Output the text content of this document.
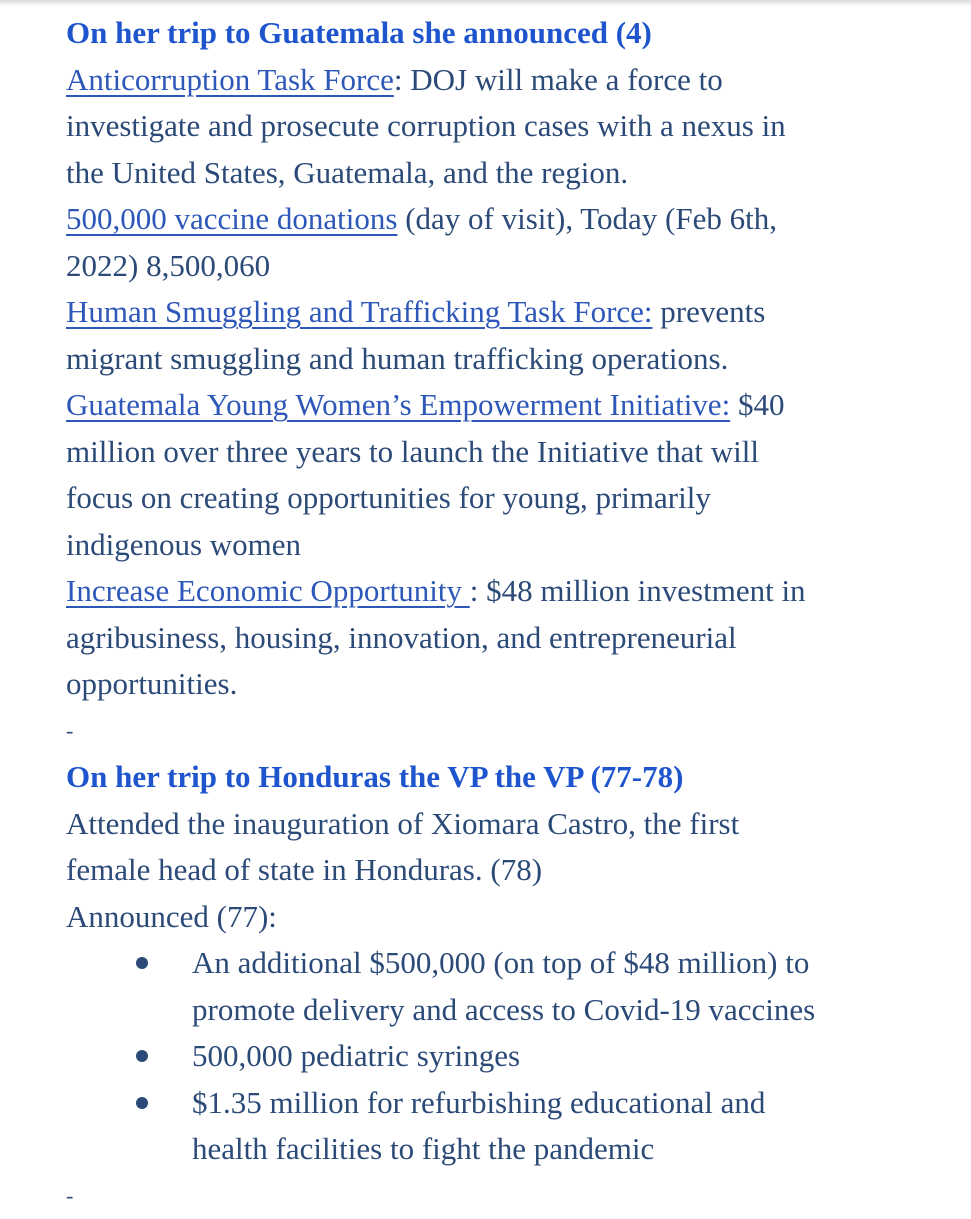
On her trip to Guatemala she announced (4)
Anticorruption Task Force: DOJ will make a force to
investigate and prosecute corruption cases with a nexus in
the United States, Guatemala, and the region.
500,000 vaccine donations (day of visit), Today (Feb 6th,
2022) 8,500,060
Human Smuggling and Trafficking Task Force: prevents
migrant smuggling and human trafficking operations.
Guatemala Young Women’s Empowerment Initiative: $40
million over three years to launch the Initiative that will
focus on creating opportunities for young, primarily
indigenous women
Increase Economic Opportunity : $48 million investment in
agribusiness, housing, innovation, and entrepreneurial
opportunities.
-
On her trip to Honduras the VP the VP (77-78)
Attended the inauguration of Xiomara Castro, the first
female head of state in Honduras. (78)
Announced (77):
An additional $500,000 (on top of $48 million) to
promote delivery and access to Covid-19 vaccines
500,000 pediatric syringes
$1.35 million for refurbishing educational and
health facilities to fight the pandemic
-
